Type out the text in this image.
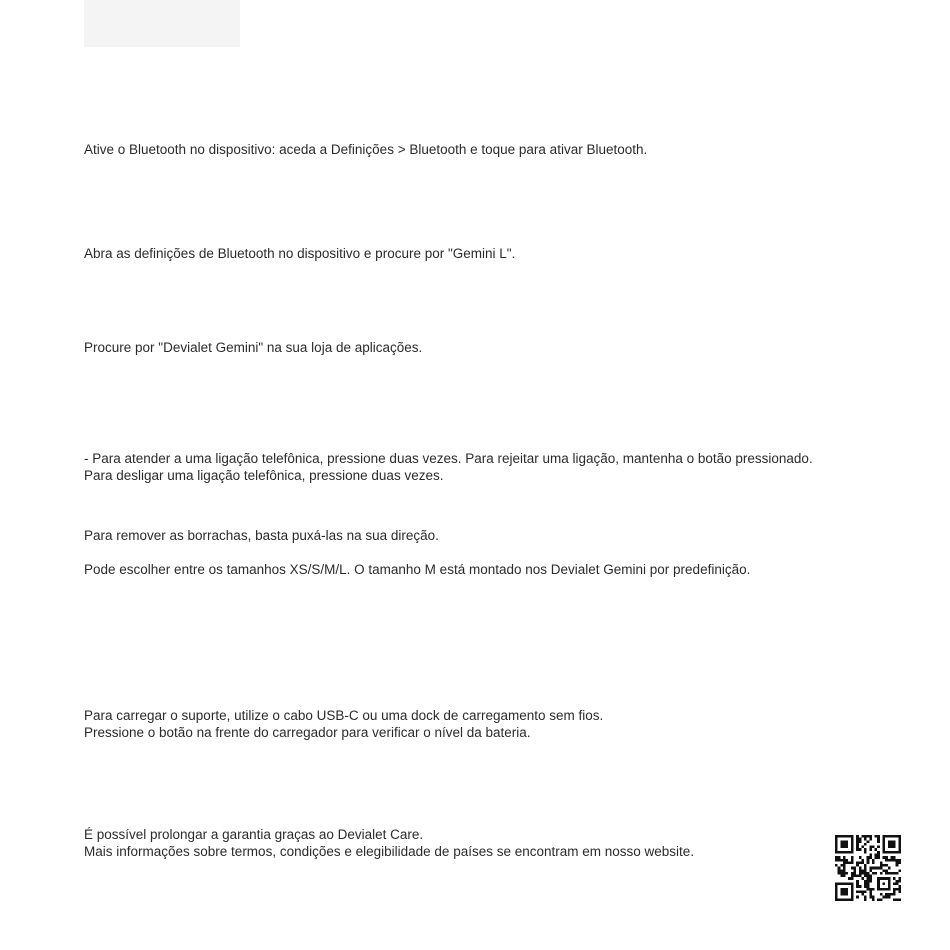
Ative o Bluetooth no dispositivo: aceda a Definições > Bluetooth e toque para ativar Bluetooth.

Abra as definições de Bluetooth no dispositivo e procure por "Gemini L".

Procure por "Devialet Gemini" na sua loja de aplicações.

- Para atender a uma ligação telefônica, pressione duas vezes. Para rejeitar uma ligação, mantenha o botão pressionado.

Para desligar uma ligação telefônica, pressione duas vezes.

Para remover as borrachas, basta puxá-las na sua direção.

Pode escolher entre os tamanhos XS/S/M/L. O tamanho M está montado nos Devialet Gemini por predefinição.

Para carregar o suporte, utilize o cabo USB-C ou uma dock de carregamento sem fios.

Pressione o botão na frente do carregador para verificar o nível da bateria.

É possível prolongar a garantia graças ao Devialet Care.

Mais informações sobre termos, condições e elegibilidade de países se encontram em nosso website.
